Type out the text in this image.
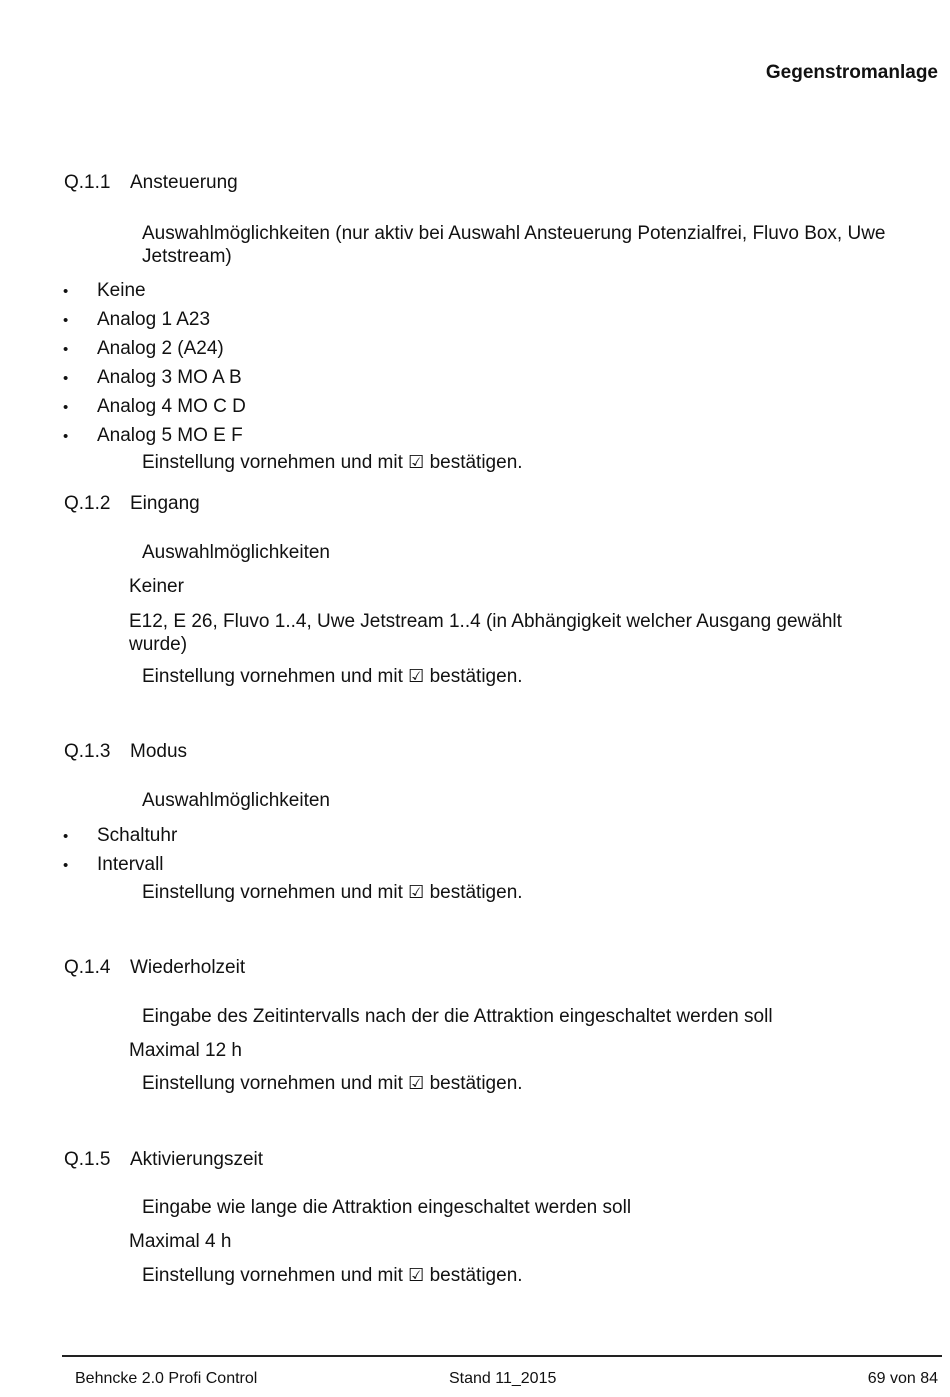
Gegenstromanlage
Q.1.1 Ansteuerung
Auswahlmöglichkeiten (nur aktiv bei Auswahl Ansteuerung Potenzialfrei, Fluvo Box, Uwe Jetstream)
• Keine
• Analog 1 A23
• Analog 2 (A24)
• Analog 3 MO A B
• Analog 4 MO C D
• Analog 5 MO E F
Einstellung vornehmen und mit ☑ bestätigen.
Q.1.2 Eingang
Auswahlmöglichkeiten
Keiner
E12, E 26, Fluvo 1..4, Uwe Jetstream 1..4 (in Abhängigkeit welcher Ausgang gewählt wurde)
Einstellung vornehmen und mit ☑ bestätigen.
Q.1.3 Modus
Auswahlmöglichkeiten
• Schaltuhr
• Intervall
Einstellung vornehmen und mit ☑ bestätigen.
Q.1.4 Wiederholzeit
Eingabe des Zeitintervalls nach der die Attraktion eingeschaltet werden soll
Maximal 12 h
Einstellung vornehmen und mit ☑ bestätigen.
Q.1.5 Aktivierungszeit
Eingabe wie lange die Attraktion eingeschaltet werden soll
Maximal 4 h
Einstellung vornehmen und mit ☑ bestätigen.
Behncke 2.0 Profi Control	Stand 11_2015	69 von 84
